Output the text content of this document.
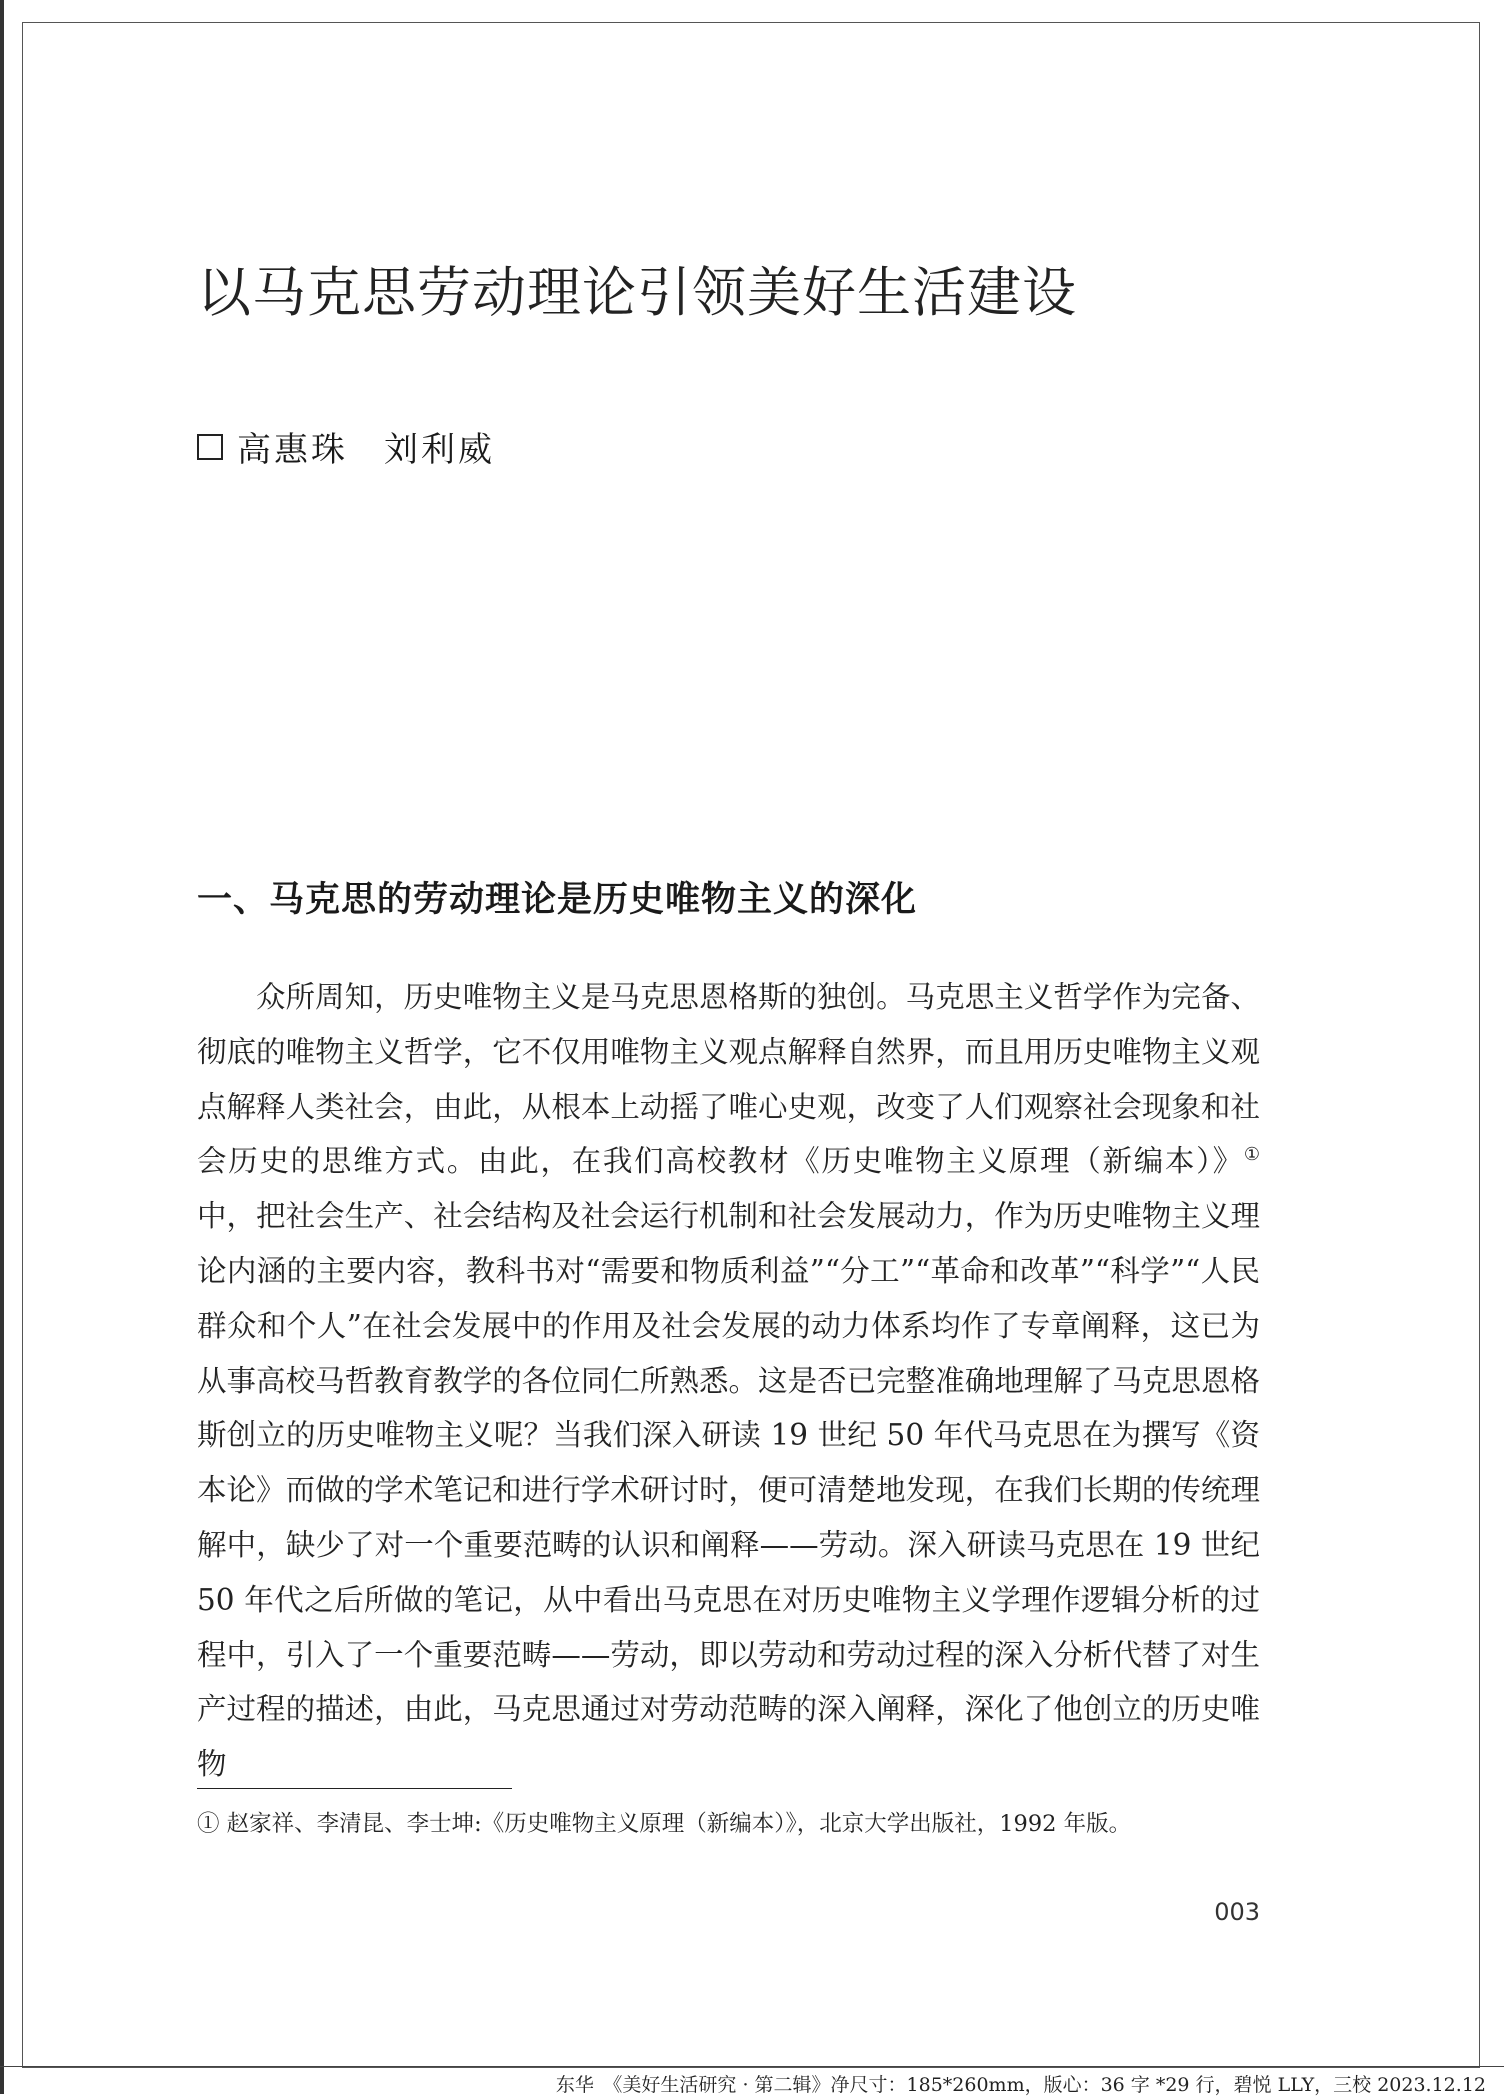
以马克思劳动理论引领美好生活建设
高惠珠 刘利威
一、马克思的劳动理论是历史唯物主义的深化

众所周知，历史唯物主义是马克思恩格斯的独创。马克思主义哲学作为完备、彻底的唯物主义哲学，它不仅用唯物主义观点解释自然界，而且用历史唯物主义观点解释人类社会，由此，从根本上动摇了唯心史观，改变了人们观察社会现象和社会历史的思维方式。由此，在我们高校教材《历史唯物主义原理（新编本）》①中，把社会生产、社会结构及社会运行机制和社会发展动力，作为历史唯物主义理论内涵的主要内容，教科书对“需要和物质利益”“分工”“革命和改革”“科学”“人民群众和个人”在社会发展中的作用及社会发展的动力体系均作了专章阐释，这已为从事高校马哲教育教学的各位同仁所熟悉。这是否已完整准确地理解了马克思恩格斯创立的历史唯物主义呢？当我们深入研读 19 世纪 50 年代马克思在为撰写《资本论》而做的学术笔记和进行学术研讨时，便可清楚地发现，在我们长期的传统理解中，缺少了对一个重要范畴的认识和阐释——劳动。深入研读马克思在 19 世纪 50 年代之后所做的笔记，从中看出马克思在对历史唯物主义学理作逻辑分析的过程中，引入了一个重要范畴——劳动，即以劳动和劳动过程的深入分析代替了对生产过程的描述，由此，马克思通过对劳动范畴的深入阐释，深化了他创立的历史唯物

① 赵家祥、李清昆、李士坤:《历史唯物主义原理（新编本）》，北京大学出版社，1992 年版。
003
东华　《美好生活研究 · 第二辑》净尺寸：185*260mm，版心：36 字 *29 行，碧悦 LLY，三校 2023.12.12
